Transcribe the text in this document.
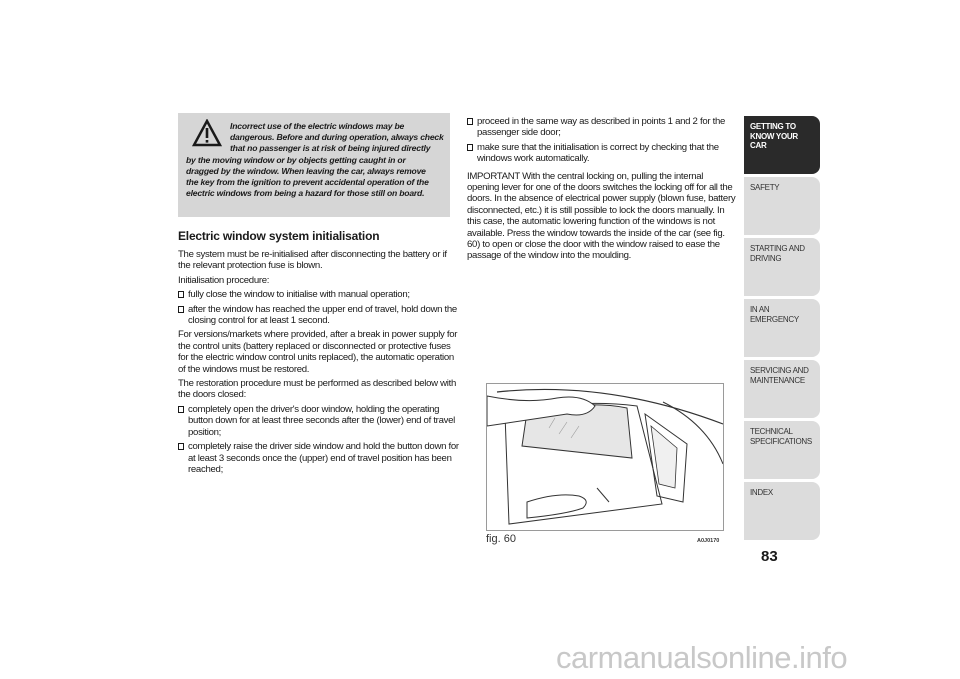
Incorrect use of the electric windows may be
dangerous. Before and during operation, always check
that no passenger is at risk of being injured directly
by the moving window or by objects getting caught in or
dragged by the window. When leaving the car, always remove
the key from the ignition to prevent accidental operation of the
electric windows from being a hazard for those still on board.
Electric window system initialisation

The system must be re-initialised after disconnecting the battery or if the relevant protection fuse is blown.

Initialisation procedure:

fully close the window to initialise with manual operation;
after the window has reached the upper end of travel, hold down the closing control for at least 1 second.

For versions/markets where provided, after a break in power supply for the control units (battery replaced or disconnected or protective fuses for the electric window control units replaced), the automatic operation of the windows must be restored.

The restoration procedure must be performed as described below with the doors closed:

completely open the driver's door window, holding the operating button down for at least three seconds after the (lower) end of travel position;
completely raise the driver side window and hold the button down for at least 3 seconds once the (upper) end of travel position has been reached;
proceed in the same way as described in points 1 and 2 for the passenger side door;
make sure that the initialisation is correct by checking that the windows work automatically.

IMPORTANT With the central locking on, pulling the internal opening lever for one of the doors switches the locking off for all the doors. In the absence of electrical power supply (blown fuse, battery disconnected, etc.) it is still possible to lock the doors manually. In this case, the automatic lowering function of the windows is not available. Press the window towards the inside of the car (see fig. 60) to open or close the door with the window raised to ease the passage of the window into the moulding.

fig. 60	A0J0170
GETTING TO KNOW YOUR CAR
SAFETY
STARTING AND DRIVING
IN AN EMERGENCY
SERVICING AND MAINTENANCE
TECHNICAL SPECIFICATIONS
INDEX
83
carmanualsonline.info
